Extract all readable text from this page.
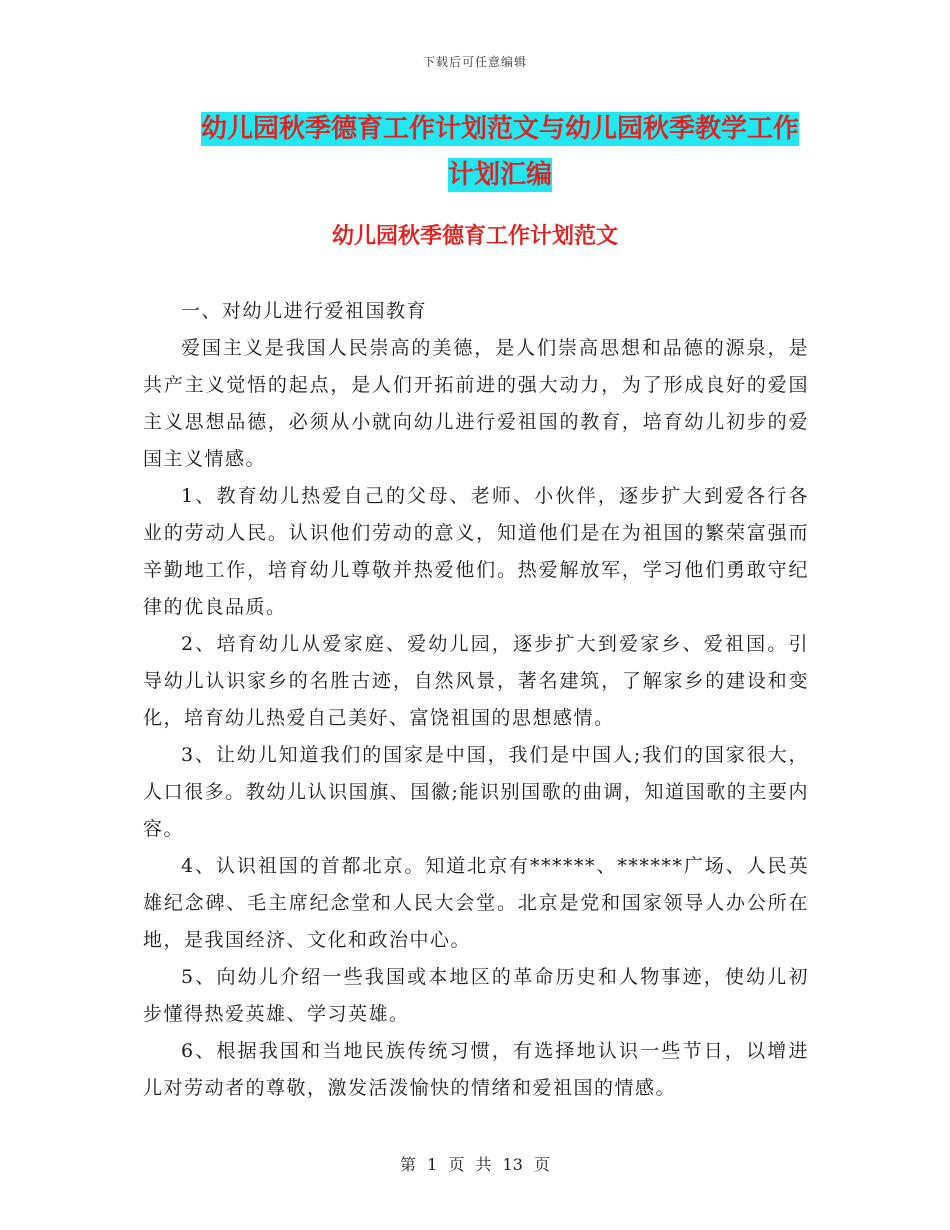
下载后可任意编辑
幼儿园秋季德育工作计划范文与幼儿园秋季教学工作
计划汇编
幼儿园秋季德育工作计划范文

一、对幼儿进行爱祖国教育

爱国主义是我国人民崇高的美德，是人们崇高思想和品德的源泉，是共产主义觉悟的起点，是人们开拓前进的强大动力，为了形成良好的爱国主义思想品德，必须从小就向幼儿进行爱祖国的教育，培育幼儿初步的爱国主义情感。

1、教育幼儿热爱自己的父母、老师、小伙伴，逐步扩大到爱各行各业的劳动人民。认识他们劳动的意义，知道他们是在为祖国的繁荣富强而辛勤地工作，培育幼儿尊敬并热爱他们。热爱解放军，学习他们勇敢守纪律的优良品质。

2、培育幼儿从爱家庭、爱幼儿园，逐步扩大到爱家乡、爱祖国。引导幼儿认识家乡的名胜古迹，自然风景，著名建筑，了解家乡的建设和变化，培育幼儿热爱自己美好、富饶祖国的思想感情。

3、让幼儿知道我们的国家是中国，我们是中国人;我们的国家很大，人口很多。教幼儿认识国旗、国徽;能识别国歌的曲调，知道国歌的主要内容。

4、认识祖国的首都北京。知道北京有******、******广场、人民英雄纪念碑、毛主席纪念堂和人民大会堂。北京是党和国家领导人办公所在地，是我国经济、文化和政治中心。

5、向幼儿介绍一些我国或本地区的革命历史和人物事迹，使幼儿初步懂得热爱英雄、学习英雄。

6、根据我国和当地民族传统习惯，有选择地认识一些节日，以增进儿对劳动者的尊敬，激发活泼愉快的情绪和爱祖国的情感。

第 1 页 共 13 页
